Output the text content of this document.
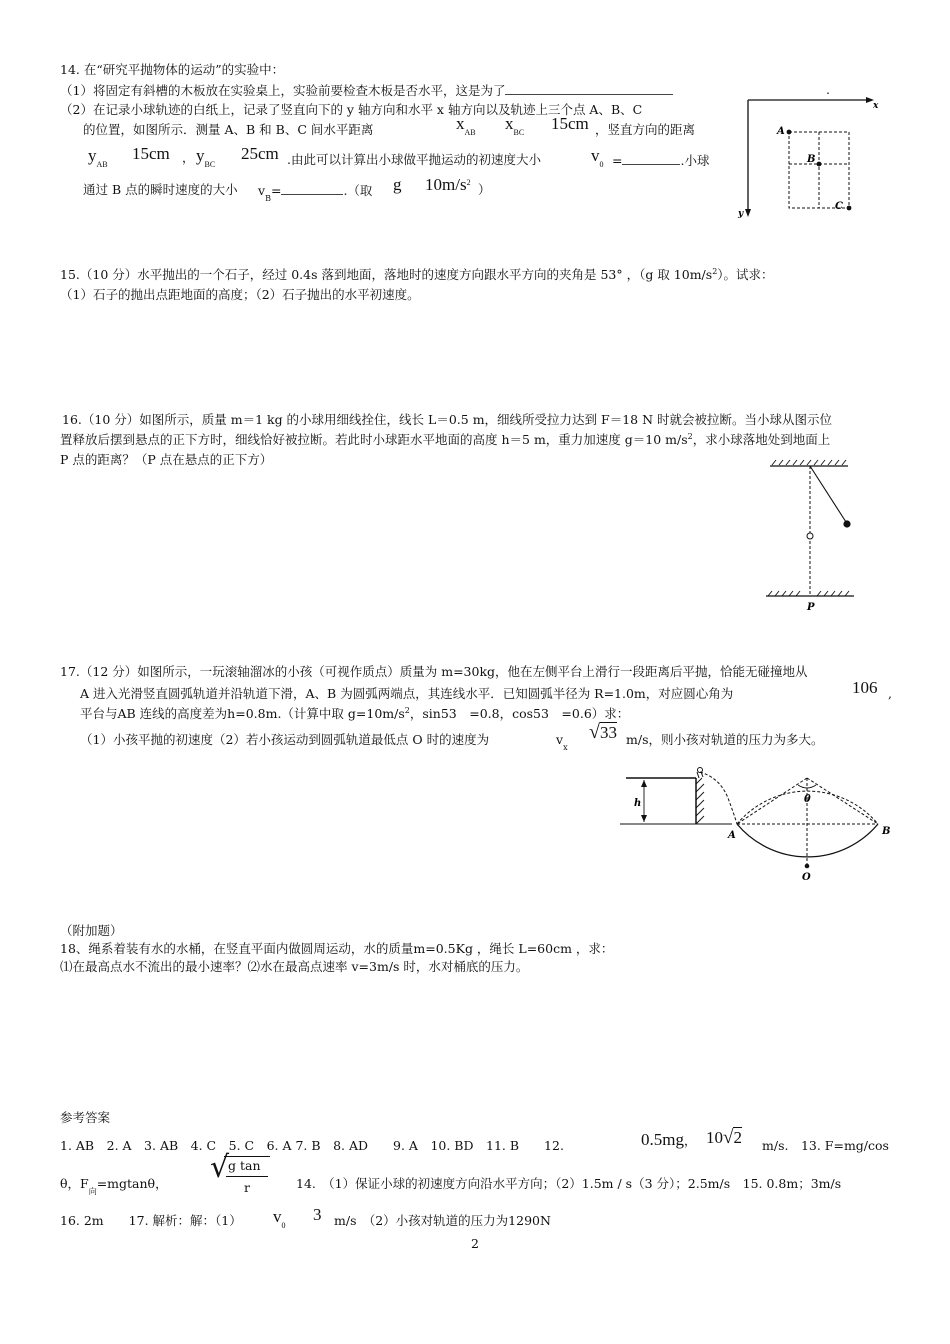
14. 在“研究平抛物体的运动”的实验中：
（1）将固定有斜槽的木板放在实验桌上，实验前要检查木板是否水平，这是为了	.
（2）在记录小球轨迹的白纸上，记录了竖直向下的 y 轴方向和水平 x 轴方向以及轨迹上三个点 A、B、C
的位置，如图所示．测量 A、B 和 B、C 间水平距离	$x_{AB}$ $x_{BC}$ 15cm ，竖直方向的距离
$y_{AB}$
15cm ， $y_{BC}$
25cm .由此可以计算出小球做平抛运动的初速度大小	$v_0$ =	.小球
通过 B 点的瞬时速度的大小 $v_B=$	.（取 g $10m/s^2$ ）
x
y
A
B
C
15.（10 分）水平抛出的一个石子，经过 0.4s 落到地面，落地时的速度方向跟水平方向的夹角是 53° ，（g 取 $10m/s^2$）。试求：
（1）石子的抛出点距地面的高度；（2）石子抛出的水平初速度。
16.（10 分）如图所示，质量 m＝1 kg 的小球用细线拴住，线长 L＝0.5 m，细线所受拉力达到 F＝18 N 时就会被拉断。当小球从图示位
置释放后摆到悬点的正下方时，细线恰好被拉断。若此时小球距水平地面的高度 h＝5 m，重力加速度 g＝10 $m/s^2$，求小球落地处到地面上
P 点的距离？（P 点在悬点的正下方）
P
17.（12 分）如图所示，一玩滚轴溜冰的小孩（可视作质点）质量为 m=30kg，他在左侧平台上滑行一段距离后平抛，恰能无碰撞地从
A 进入光滑竖直圆弧轨道并沿轨道下滑，A、B 为圆弧两端点，其连线水平．已知圆弧半径为 R=1.0m，对应圆心角为	106 ,
平台与AB 连线的高度差为h=0.8m.（计算中取 $g=10m/s^2$，sin53　=0.8，cos53　=0.6）求：
（1）小孩平抛的初速度（2）若小孩运动到圆弧轨道最低点 O 时的速度为	$v_x$
√33 m/s，则小孩对轨道的压力为多大。
h	θ
A	B
O
（附加题）
18、绳系着装有水的水桶，在竖直平面内做圆周运动，水的质量m=0.5Kg ，绳长 L=60cm ，求：
⑴在最高点水不流出的最小速率？⑵水在最高点速率 v=3m/s 时，水对桶底的压力。
参考答案
1. AB　2. A　3. AB　4. C　5. C　6. A 7. B　8. AD　　9. A　10. BD　11. B　　12.	0.5mg， 10√2 m/s.　13. F=mg/cos
θ，$F_向=mgtan\theta$， √
g tan
r	14.　（1）保证小球的初速度方向沿水平方向；（2）1.5m / s（3 分）；2.5m/s　15. 0.8m；3m/s
16. 2m　　17. 解析：解：（1） $v_0$
3 m/s　（2）小孩对轨道的压力为1290N
2
